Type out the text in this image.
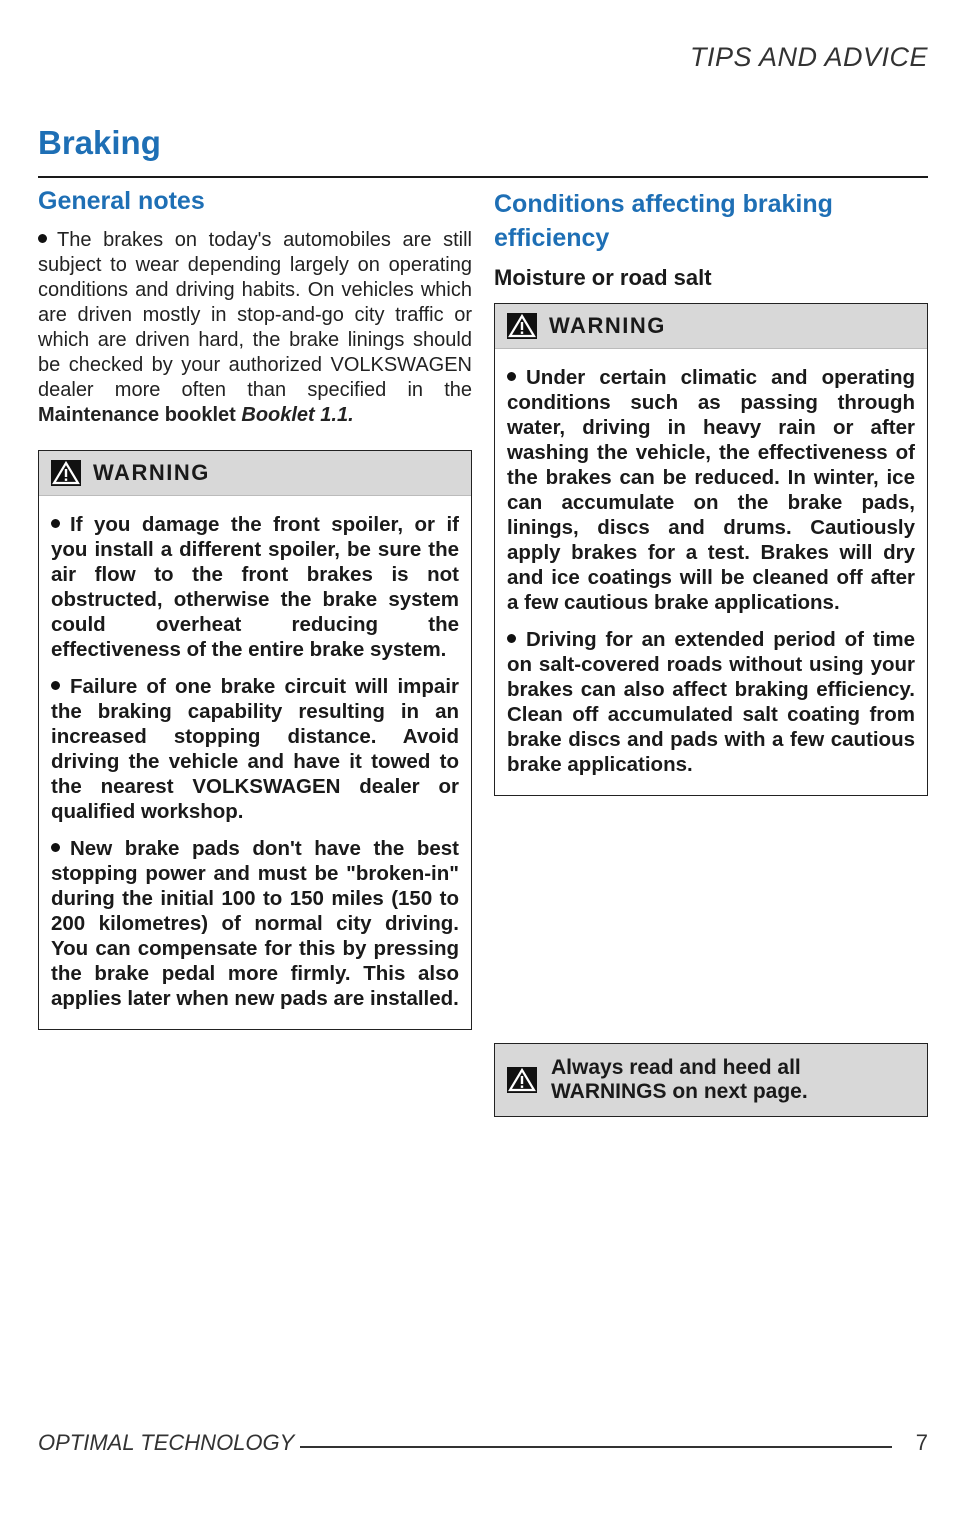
TIPS AND ADVICE
Braking
General notes

The brakes on today's automobiles are still subject to wear depending largely on operating conditions and driving habits. On vehicles which are driven mostly in stop-and-go city traffic or which are driven hard, the brake linings should be checked by your authorized VOLKSWAGEN dealer more often than specified in the Maintenance booklet Booklet 1.1.

WARNING

If you damage the front spoiler, or if you install a different spoiler, be sure the air flow to the front brakes is not obstructed, otherwise the brake system could overheat reducing the effectiveness of the entire brake system.

Failure of one brake circuit will impair the braking capability resulting in an increased stopping distance. Avoid driving the vehicle and have it towed to the nearest VOLKSWAGEN dealer or qualified workshop.

New brake pads don't have the best stopping power and must be "broken-in" during the initial 100 to 150 miles (150 to 200 kilometres) of normal city driving. You can compensate for this by pressing the brake pedal more firmly. This also applies later when new pads are installed.

Conditions affecting braking efficiency
Moisture or road salt
WARNING

Under certain climatic and operating conditions such as passing through water, driving in heavy rain or after washing the vehicle, the effectiveness of the brakes can be reduced. In winter, ice can accumulate on the brake pads, linings, discs and drums. Cautiously apply brakes for a test. Brakes will dry and ice coatings will be cleaned off after a few cautious brake applications.

Driving for an extended period of time on salt-covered roads without using your brakes can also affect braking efficiency. Clean off accumulated salt coating from brake discs and pads with a few cautious brake applications.

Always read and heed all
WARNINGS on next page.
OPTIMAL TECHNOLOGY	7
